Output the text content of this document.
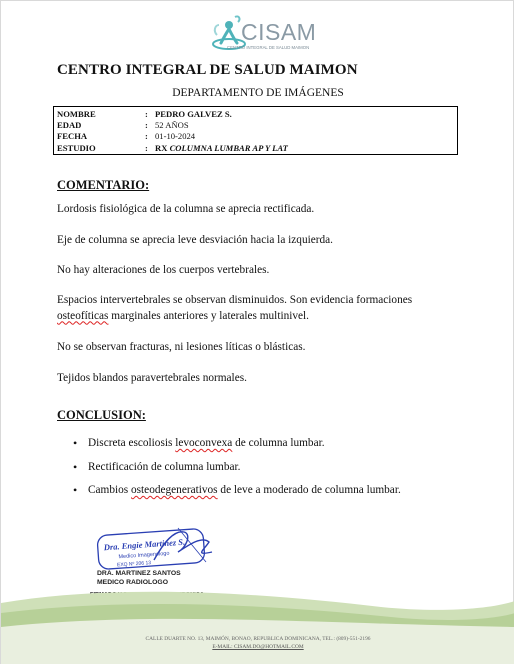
CISAM
CENTRO INTEGRAL DE SALUD MAIMON
CENTRO INTEGRAL DE SALUD MAIMON
DEPARTAMENTO DE IMÁGENES
NOMBRE	: PEDRO GALVEZ S.
EDAD	: 52 AÑOS
FECHA	: 01-10-2024
ESTUDIO	: RX COLUMNA LUMBAR AP Y LAT
COMENTARIO:
Lordosis fisiológica de la columna se aprecia rectificada.
Eje de columna se aprecia leve desviación hacia la izquierda.
No hay alteraciones de los cuerpos vertebrales.
Espacios intervertebrales se observan disminuidos. Son evidencia formaciones osteofíticas marginales anteriores y laterales multinivel.
No se observan fracturas, ni lesiones líticas o blásticas.
Tejidos blandos paravertebrales normales.
CONCLUSION:
• Discreta escoliosis levoconvexa de columna lumbar.
• Rectificación de columna lumbar.
• Cambios osteodegenerativos de leve a moderado de columna lumbar.
Dra. Engie Martinez S.
Medico Imagenologo
EXQ Nº 206 13
DRA. MARTINEZ SANTOS
MEDICO RADIOLOGO
CALLE DUARTE NO. 13, MAIMÓN, BONAO, REPUBLICA DOMINICANA, TEL.: (809)-551-2196
E-MAIL: CISAM.DO@HOTMAIL.COM
